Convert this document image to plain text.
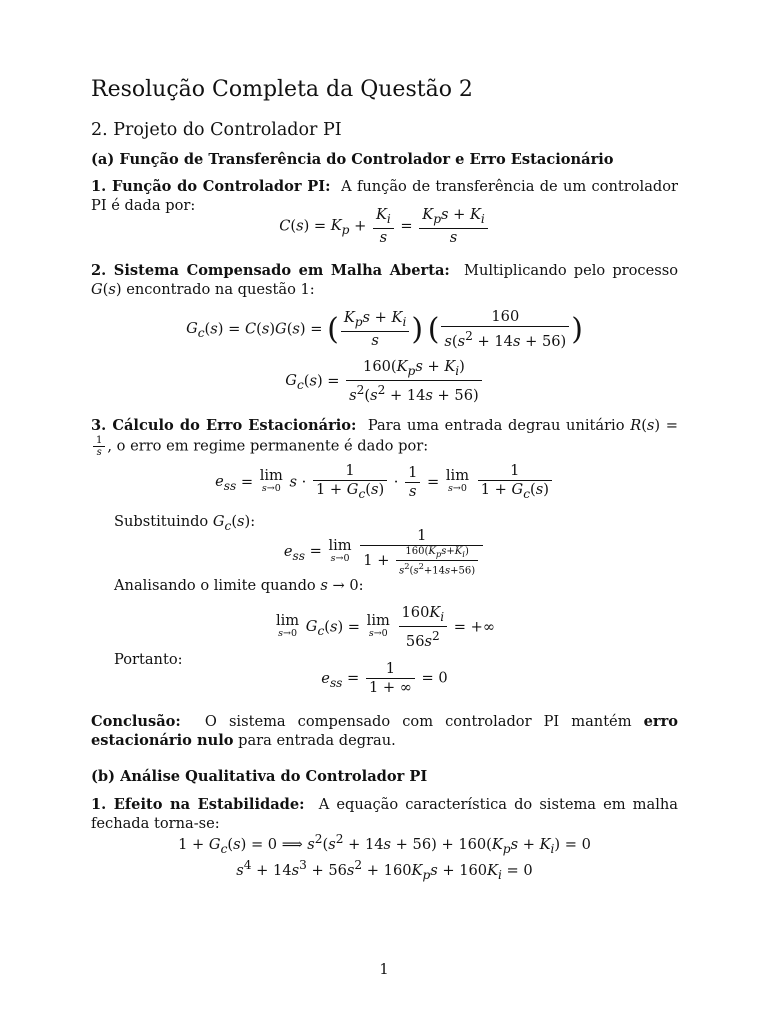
Resolução Completa da Questão 2
2. Projeto do Controlador PI
(a) Função de Transferência do Controlador e Erro Estacionário
1. Função do Controlador PI: A função de transferência de um controlador PI é dada por:
$C(s) = K_p + \frac{K_i}{s} = \frac{K_ps + K_i}{s}$
2. Sistema Compensado em Malha Aberta: Multiplicando pelo processo G(s) encontrado na questão 1:
$G_c(s) = C(s)G(s)$ = ( $\frac{K_ps + K_i}{s}$ ) ( $\frac{160}{s(s^2 + 14s + 56)}$ )
$G_c(s) = \frac{160(K_ps + K_i)}{s^2(s^2 + 14s + 56)}$
3. Cálculo do Erro Estacionário: Para uma entrada degrau unitário R(s) =
$\frac{1}{s}$ , o erro em regime permanente é dado por:
$e_{ss} = \lim$
s→0 $s \cdot \frac{1}{1 + G_c(s)} \cdot \frac{1}{s} = \lim$
s→0
$\frac{1}{1 + G_c(s)}$
Substituindo $G_c(s)$:
$e_{ss} = \lim$
s→0
$\frac{1}{1 + \frac{160(K_ps+K_i)}{s^2(s^2+14s+56)}}$
Analisando o limite quando s → 0:
lim
s→0 $G_c(s) = \lim$
s→0
$\frac{160K_i}{56s^2}$ = +∞
Portanto:
$e_{ss} = \frac{1}{1 + \infty} = 0$
Conclusão: O sistema compensado com controlador PI mantém erro estacionário nulo para entrada degrau.
(b) Análise Qualitativa do Controlador PI
1. Efeito na Estabilidade: A equação característica do sistema em malha fechada torna-se:
$1 + G_c(s) = 0$ ⟹ $s^2(s^2 + 14s + 56) + 160(K_ps + K_i) = 0$
$s^4 + 14s^3 + 56s^2 + 160K_ps + 160K_i = 0$
1
